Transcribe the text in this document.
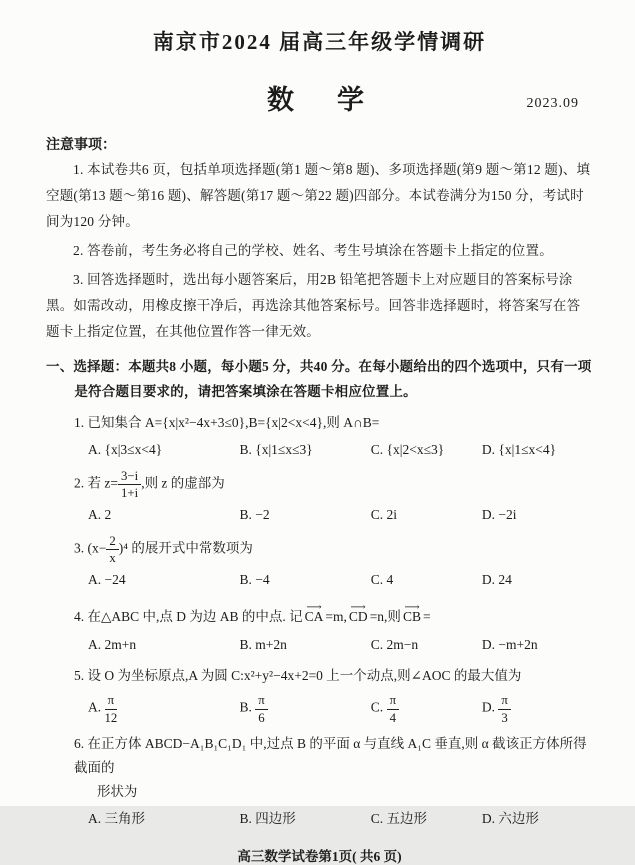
南京市2024 届高三年级学情调研
数　学	2023.09
注意事项：

1. 本试卷共6 页，包括单项选择题(第1 题～第8 题)、多项选择题(第9 题～第12 题)、填空题(第13 题～第16 题)、解答题(第17 题～第22 题)四部分。本试卷满分为150 分，考试时间为120 分钟。

2. 答卷前，考生务必将自己的学校、姓名、考生号填涂在答题卡上指定的位置。

3. 回答选择题时，选出每小题答案后，用2B 铅笔把答题卡上对应题目的答案标号涂黑。如需改动，用橡皮擦干净后，再选涂其他答案标号。回答非选择题时，将答案写在答题卡上指定位置，在其他位置作答一律无效。

一、选择题：本题共8 小题，每小题5 分，共40 分。在每小题给出的四个选项中，只有一项是符合题目要求的，请把答案填涂在答题卡相应位置上。
1. 已知集合 A={x|x²−4x+3≤0},B={x|2<x<4},则 A∩B=
A. {x|3≤x<4}	B. {x|1≤x≤3}	C. {x|2<x≤3}	D. {x|1≤x<4}
2. 若 $z= \frac{3-i}{1+i}$ ,则 z 的虚部为
A. 2	B. −2	C. 2i	D. −2i
3. $(x- \frac{2}{x} )^4$ 的展开式中常数项为
A. −24	B. −4	C. 4	D. 24
4. 在△ABC 中,点 D 为边 AB 的中点. 记 ⟶ CA =m, ⟶ CD =n,则 ⟶ CB =
A. 2m+n	B. m+2n	C. 2m−n	D. −m+2n
5. 设 O 为坐标原点,A 为圆 C:x²+y²−4x+2=0 上一个动点,则∠AOC 的最大值为
A. $\frac{\pi}{12}$	B. $\frac{\pi}{6}$	C. $\frac{\pi}{4}$	D. $\frac{\pi}{3}$
6. 在正方体 ABCD−A₁B₁C₁D₁ 中,过点 B 的平面 α 与直线 A₁C 垂直,则 α 截该正方体所得截面的
形状为
A. 三角形	B. 四边形	C. 五边形	D. 六边形
高三数学试卷第1页( 共6 页)
